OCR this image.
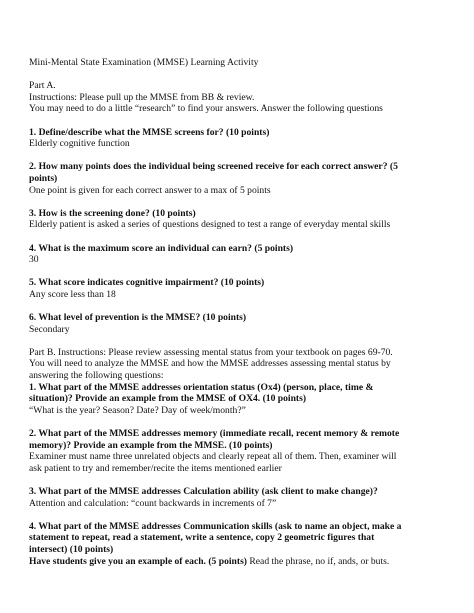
Mini-Mental State Examination (MMSE) Learning Activity
Part A.
Instructions: Please pull up the MMSE from BB & review.
You may need to do a little “research” to find your answers. Answer the following questions
1. Define/describe what the MMSE screens for? (10 points)
Elderly cognitive function
2. How many points does the individual being screened receive for each correct answer? (5
points)
One point is given for each correct answer to a max of 5 points
3. How is the screening done? (10 points)
Elderly patient is asked a series of questions designed to test a range of everyday mental skills
4. What is the maximum score an individual can earn? (5 points)
30
5. What score indicates cognitive impairment? (10 points)
Any score less than 18
6. What level of prevention is the MMSE? (10 points)
Secondary
Part B. Instructions: Please review assessing mental status from your textbook on pages 69-70.
You will need to analyze the MMSE and how the MMSE addresses assessing mental status by
answering the following questions:
1. What part of the MMSE addresses orientation status (Ox4) (person, place, time &
situation)? Provide an example from the MMSE of OX4. (10 points)
“What is the year? Season? Date? Day of week/month?”
2. What part of the MMSE addresses memory (immediate recall, recent memory & remote
memory)? Provide an example from the MMSE. (10 points)
Examiner must name three unrelated objects and clearly repeat all of them. Then, examiner will
ask patient to try and remember/recite the items mentioned earlier
3. What part of the MMSE addresses Calculation ability (ask client to make change)?
Attention and calculation: “count backwards in increments of 7”
4. What part of the MMSE addresses Communication skills (ask to name an object, make a
statement to repeat, read a statement, write a sentence, copy 2 geometric figures that
intersect) (10 points)
Have students give you an example of each. (5 points) Read the phrase, no if, ands, or buts.
